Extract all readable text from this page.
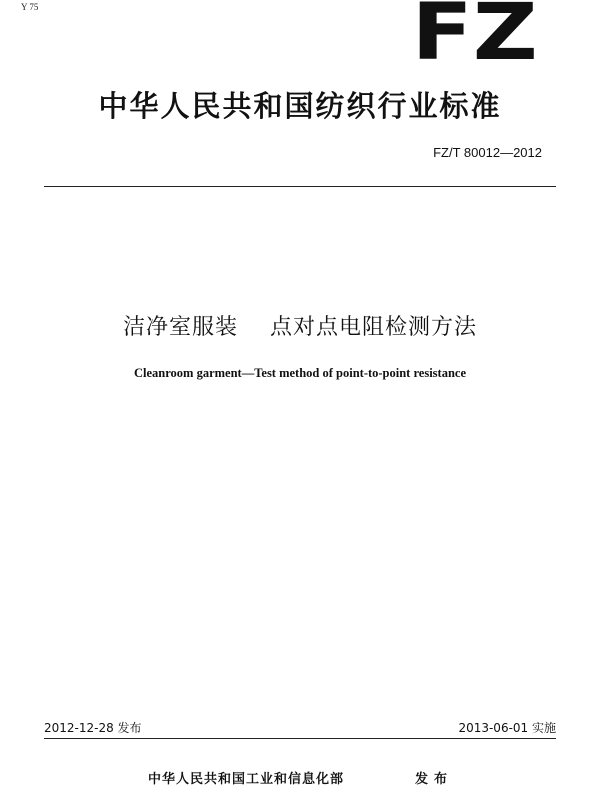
Y 75	FZ
中华人民共和国纺织行业标准
FZ/T 80012—2012
洁净室服装    点对点电阻检测方法
Cleanroom garment—Test method of point-to-point resistance
2012-12-28 发布	2013-06-01 实施
中华人民共和国工业和信息化部	发布
